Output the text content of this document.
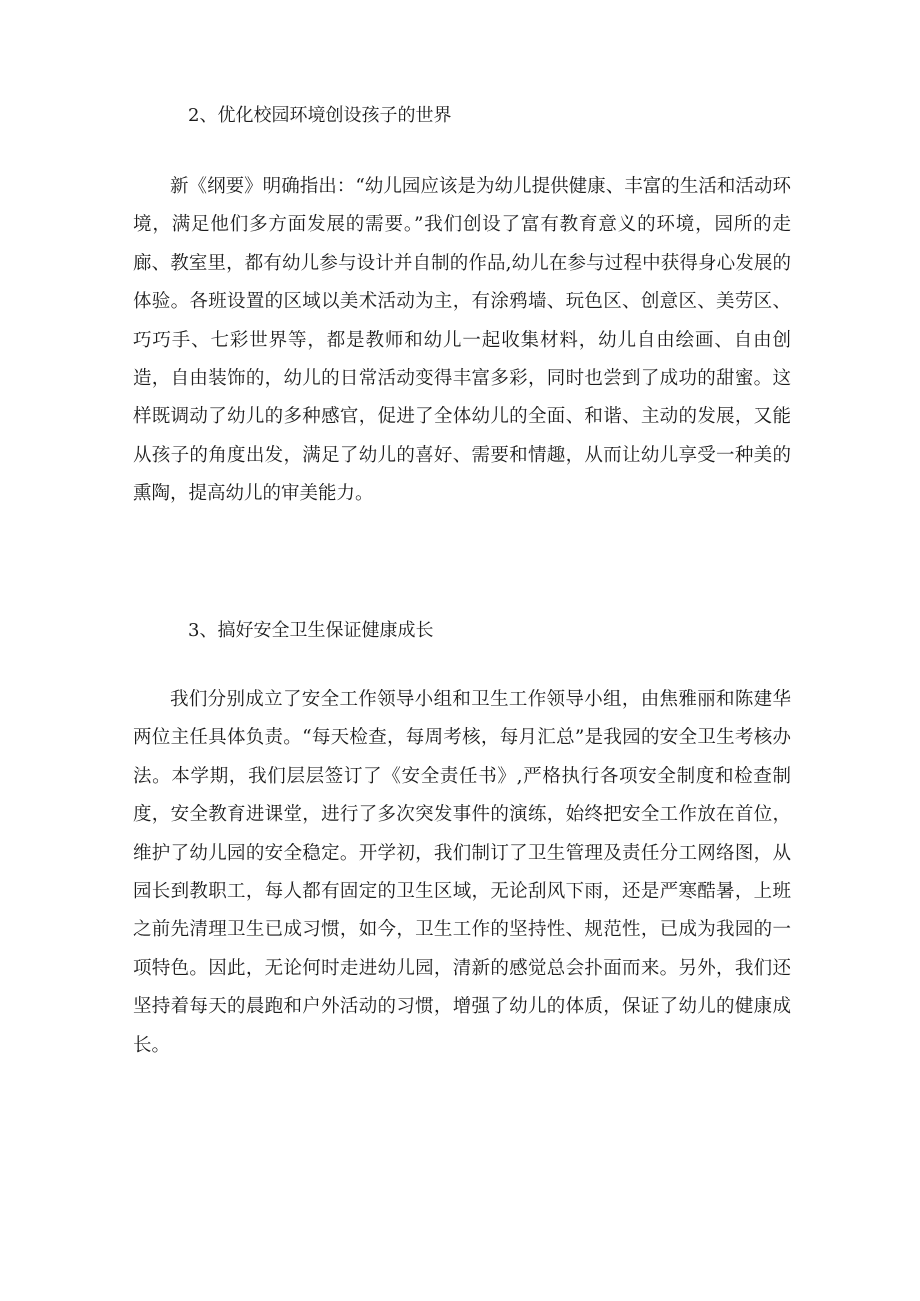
2、优化校园环境创设孩子的世界

新《纲要》明确指出：“幼儿园应该是为幼儿提供健康、丰富的生活和活动环境，满足他们多方面发展的需要。”我们创设了富有教育意义的环境，园所的走廊、教室里，都有幼儿参与设计并自制的作品,幼儿在参与过程中获得身心发展的体验。各班设置的区域以美术活动为主，有涂鸦墙、玩色区、创意区、美劳区、巧巧手、七彩世界等，都是教师和幼儿一起收集材料，幼儿自由绘画、自由创造，自由装饰的，幼儿的日常活动变得丰富多彩，同时也尝到了成功的甜蜜。这样既调动了幼儿的多种感官，促进了全体幼儿的全面、和谐、主动的发展，又能从孩子的角度出发，满足了幼儿的喜好、需要和情趣，从而让幼儿享受一种美的熏陶，提高幼儿的审美能力。

3、搞好安全卫生保证健康成长

我们分别成立了安全工作领导小组和卫生工作领导小组，由焦雅丽和陈建华两位主任具体负责。“每天检查，每周考核，每月汇总”是我园的安全卫生考核办法。本学期，我们层层签订了《安全责任书》,严格执行各项安全制度和检查制度，安全教育进课堂，进行了多次突发事件的演练，始终把安全工作放在首位，维护了幼儿园的安全稳定。开学初，我们制订了卫生管理及责任分工网络图，从园长到教职工，每人都有固定的卫生区域，无论刮风下雨，还是严寒酷暑，上班之前先清理卫生已成习惯，如今，卫生工作的坚持性、规范性，已成为我园的一项特色。因此，无论何时走进幼儿园，清新的感觉总会扑面而来。另外，我们还坚持着每天的晨跑和户外活动的习惯，增强了幼儿的体质，保证了幼儿的健康成长。
